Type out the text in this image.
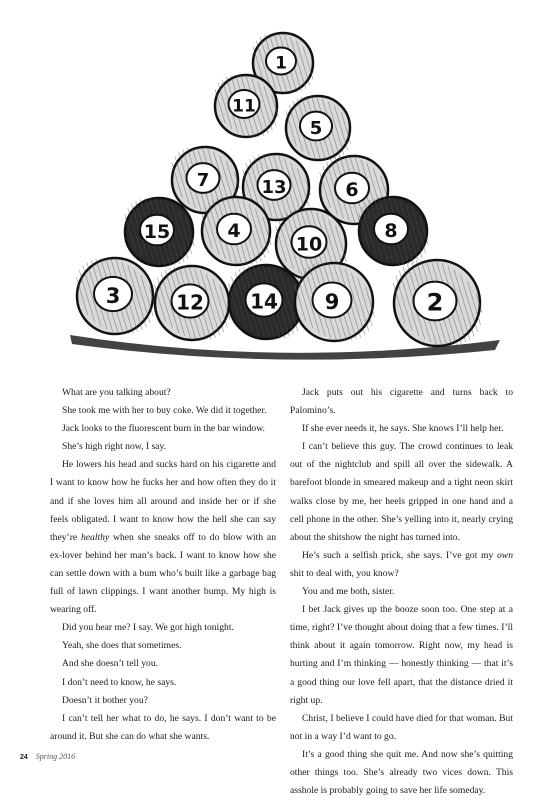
1
11
5
7	13	6
15	4
10
8
3	12 14 9	2

What are you talking about?

She took me with her to buy coke. We did it together.

Jack looks to the fluorescent burn in the bar window.

She’s high right now, I say.

He lowers his head and sucks hard on his cigarette and I want to know how he fucks her and how often they do it and if she loves him all around and inside her or if she feels obligated. I want to know how the hell she can say they’re healthy when she sneaks off to do blow with an ex-lover behind her man’s back. I want to know how she can settle down with a bum who’s built like a garbage bag full of lawn clippings. I want another bump. My high is wearing off.

Did you hear me? I say. We got high tonight.

Yeah, she does that sometimes.

And she doesn’t tell you.

I don’t need to know, he says.

Doesn’t it bother you?

I can’t tell her what to do, he says. I don’t want to be around it. But she can do what she wants.

Jack puts out his cigarette and turns back to Palomino’s.

If she ever needs it, he says. She knows I’ll help her.

I can’t believe this guy. The crowd continues to leak out of the nightclub and spill all over the sidewalk. A barefoot blonde in smeared makeup and a tight neon skirt walks close by me, her heels gripped in one hand and a cell phone in the other. She’s yelling into it, nearly crying about the shitshow the night has turned into.

He’s such a selfish prick, she says. I’ve got my own shit to deal with, you know?

You and me both, sister.

I bet Jack gives up the booze soon too. One step at a time, right? I’ve thought about doing that a few times. I’ll think about it again tomorrow. Right now, my head is hurting and I’m thinking — honestly thinking — that it’s a good thing our love fell apart, that the distance dried it right up.

Christ, I believe I could have died for that woman. But not in a way I’d want to go.

It’s a good thing she quit me. And now she’s quitting other things too. She’s already two vices down. This asshole is probably going to save her life someday.

24 Spring 2016
